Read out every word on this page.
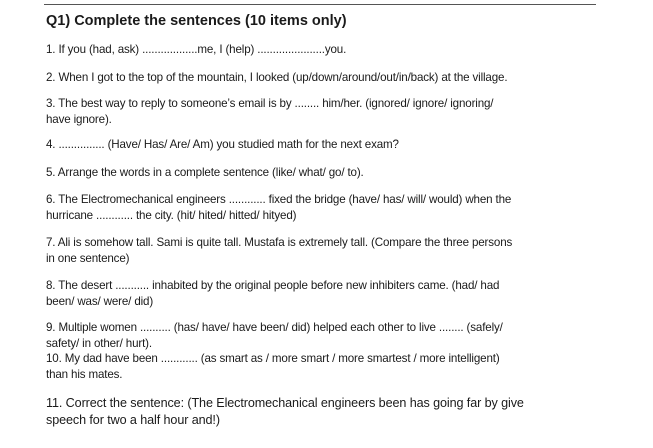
Q1) Complete the sentences (10 items only)
1. If you (had, ask) ..................me, I (help) ......................you.
2. When I got to the top of the mountain, I looked (up/down/around/out/in/back) at the village.
3. The best way to reply to someone’s email is by ........ him/her. (ignored/ ignore/ ignoring/
have ignore).
4. ............... (Have/ Has/ Are/ Am) you studied math for the next exam?
5. Arrange the words in a complete sentence (like/ what/ go/ to).
6. The Electromechanical engineers ............ fixed the bridge (have/ has/ will/ would) when the
hurricane ............ the city. (hit/ hited/ hitted/ hityed)
7. Ali is somehow tall. Sami is quite tall. Mustafa is extremely tall. (Compare the three persons
in one sentence)
8. The desert ........... inhabited by the original people before new inhibiters came. (had/ had
been/ was/ were/ did)
9. Multiple women .......... (has/ have/ have been/ did) helped each other to live ........ (safely/
safety/ in other/ hurt).
10. My dad have been ............ (as smart as / more smart / more smartest / more intelligent)
than his mates.
11. Correct the sentence: (The Electromechanical engineers been has going far by give
speech for two a half hour and!)
